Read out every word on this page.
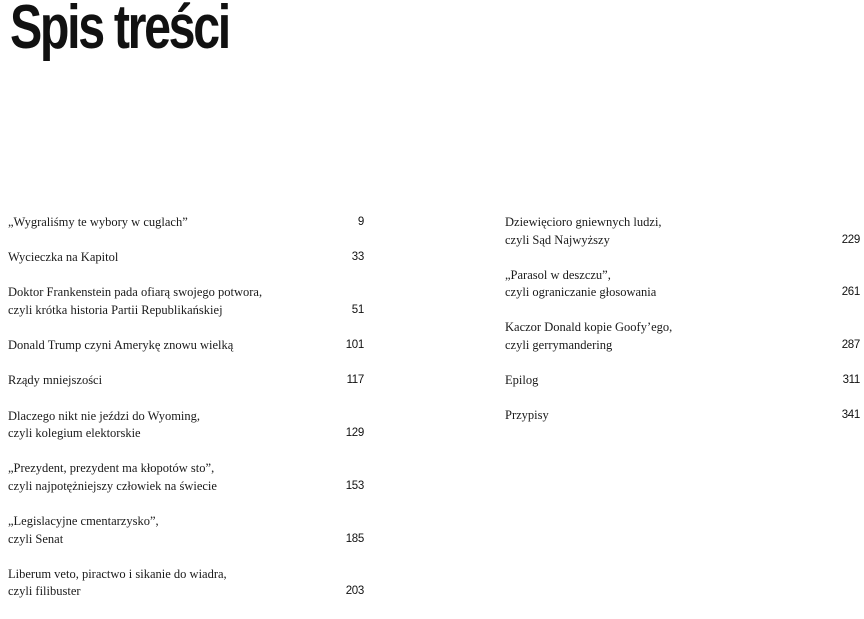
Spis treści
„Wygraliśmy te wybory w cuglach”	9
Wycieczka na Kapitol	33
Doktor Frankenstein pada ofiarą swojego potwora,
czyli krótka historia Partii Republikańskiej	51
Donald Trump czyni Amerykę znowu wielką	101
Rządy mniejszości	117
Dlaczego nikt nie jeździ do Wyoming,
czyli kolegium elektorskie	129
„Prezydent, prezydent ma kłopotów sto”,
czyli najpotężniejszy człowiek na świecie	153
„Legislacyjne cmentarzysko”,
czyli Senat	185
Liberum veto, piractwo i sikanie do wiadra,
czyli filibuster	203
Dziewięcioro gniewnych ludzi,
czyli Sąd Najwyższy	229
„Parasol w deszczu”,
czyli ograniczanie głosowania	261
Kaczor Donald kopie Goofy’ego,
czyli gerrymandering	287
Epilog	311
Przypisy	341
